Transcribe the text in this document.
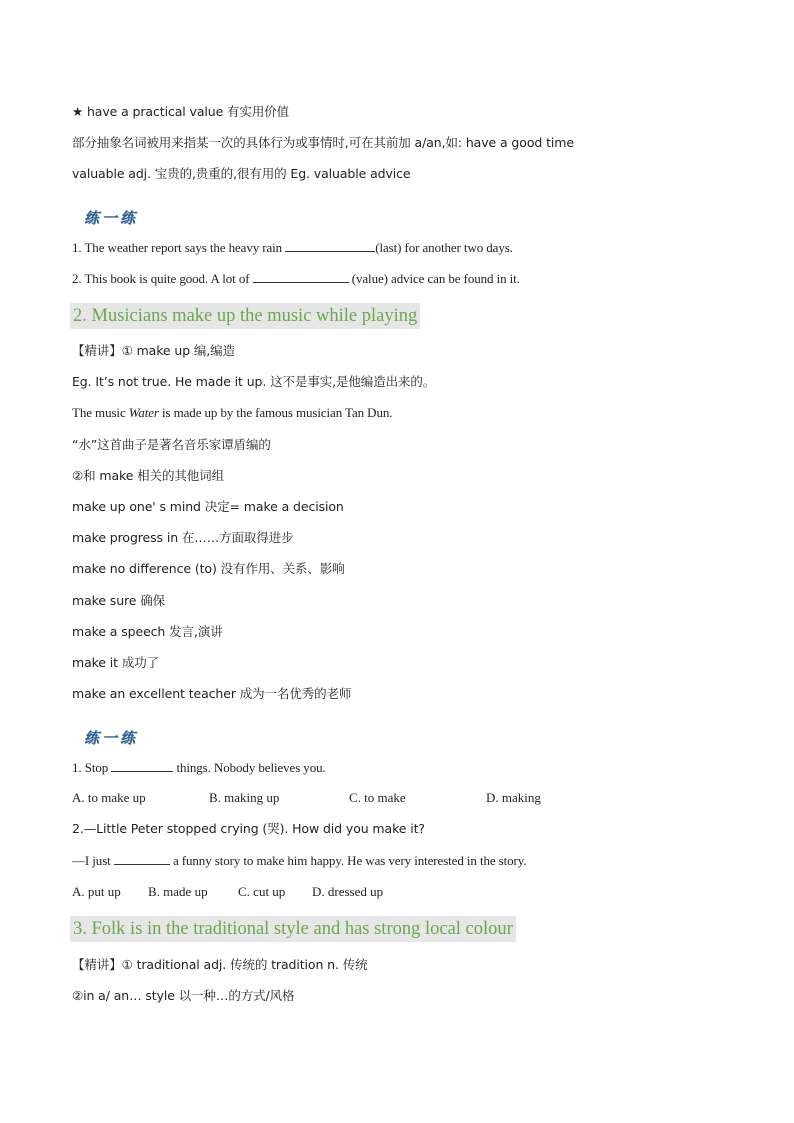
★ have a practical value 有实用价值
部分抽象名词被用来指某一次的具体行为或事情时,可在其前加 a/an,如: have a good time
valuable adj. 宝贵的,贵重的,很有用的 Eg. valuable advice
练一练
1. The weather report says the heavy rain	(last) for another two days.
2. This book is quite good. A lot of	(value) advice can be found in it.
2. Musicians make up the music while playing
【精讲】① make up 编,编造
Eg. It’s not true. He made it up. 这不是事实,是他编造出来的。
The music Water is made up by the famous musician Tan Dun.
“水”这首曲子是著名音乐家谭盾编的
②和 make 相关的其他词组
make up one' s mind 决定= make a decision
make progress in 在……方面取得进步
make no difference (to) 没有作用、关系、影响
make sure 确保
make a speech 发言,演讲
make it 成功了
make an excellent teacher 成为一名优秀的老师
练一练
1. Stop	things. Nobody believes you.
A. to make up	B. making up	C. to make	D. making
2.—Little Peter stopped crying (哭). How did you make it?
—I just	a funny story to make him happy. He was very interested in the story.
A. put up B. made up C. cut up D. dressed up
3. Folk is in the traditional style and has strong local colour
【精讲】① traditional adj. 传统的 tradition n. 传统
②in a/ an… style 以一种…的方式/风格
